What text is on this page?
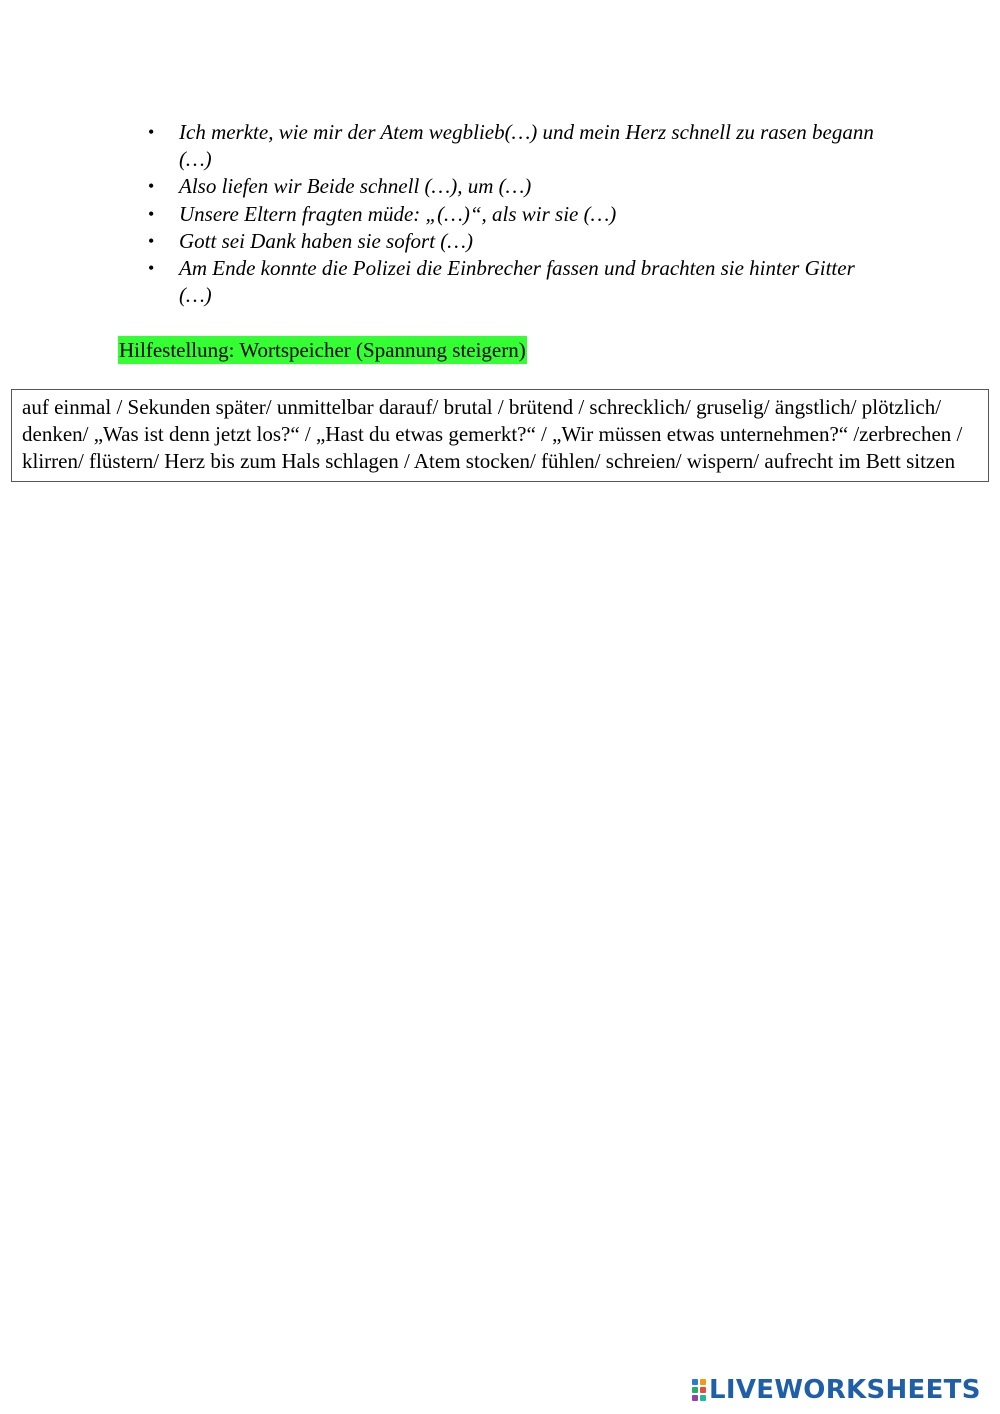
• Ich merkte, wie mir der Atem wegblieb(…) und mein Herz schnell zu rasen begann (…)
• Also liefen wir Beide schnell (…), um (…)
• Unsere Eltern fragten müde: „(…)“, als wir sie (…)
• Gott sei Dank haben sie sofort (…)
• Am Ende konnte die Polizei die Einbrecher fassen und brachten sie hinter Gitter (…)
Hilfestellung: Wortspeicher (Spannung steigern)
auf einmal / Sekunden später/ unmittelbar darauf/ brutal / brütend / schrecklich/ gruselig/ ängstlich/ plötzlich/ denken/ „Was ist denn jetzt los?“ / „Hast du etwas gemerkt?“ / „Wir müssen etwas unternehmen?“ /zerbrechen / klirren/ flüstern/ Herz bis zum Hals schlagen / Atem stocken/ fühlen/ schreien/ wispern/ aufrecht im Bett sitzen
LIVEWORKSHEETS
